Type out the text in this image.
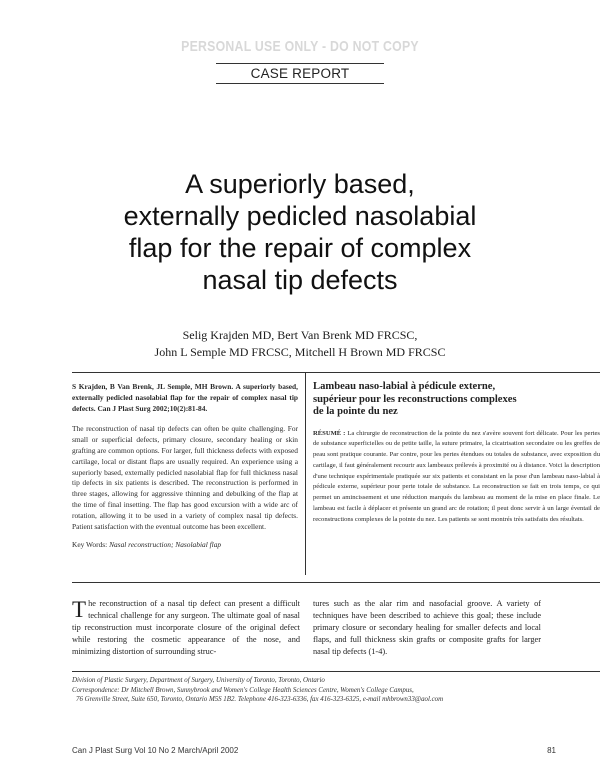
PERSONAL USE ONLY - DO NOT COPY
CASE REPORT
A superiorly based,
externally pedicled nasolabial
flap for the repair of complex
nasal tip defects
Selig Krajden MD, Bert Van Brenk MD FRCSC,
John L Semple MD FRCSC, Mitchell H Brown MD FRCSC

S Krajden, B Van Brenk, JL Semple, MH Brown. A superiorly based, externally pedicled nasolabial flap for the repair of complex nasal tip defects. Can J Plast Surg 2002;10(2):81-84.

The reconstruction of nasal tip defects can often be quite challenging. For small or superficial defects, primary closure, secondary healing or skin grafting are common options. For larger, full thickness defects with exposed cartilage, local or distant flaps are usually required. An experience using a superiorly based, externally pedicled nasolabial flap for full thickness nasal tip defects in six patients is described. The reconstruction is performed in three stages, allowing for aggressive thinning and debulking of the flap at the time of final insetting. The flap has good excursion with a wide arc of rotation, allowing it to be used in a variety of complex nasal tip defects. Patient satisfaction with the eventual outcome has been excellent.

Key Words: Nasal reconstruction; Nasolabial flap

Lambeau naso-labial à pédicule externe,
supérieur pour les reconstructions complexes
de la pointe du nez

RÉSUMÉ : La chirurgie de reconstruction de la pointe du nez s'avère souvent fort délicate. Pour les pertes de substance superficielles ou de petite taille, la suture primaire, la cicatrisation secondaire ou les greffes de peau sont pratique courante. Par contre, pour les pertes étendues ou totales de substance, avec exposition du cartilage, il faut généralement recourir aux lambeaux prélevés à proximité ou à distance. Voici la description d'une technique expérimentale pratiquée sur six patients et consistant en la pose d'un lambeau naso-labial à pédicule externe, supérieur pour perte totale de substance. La reconstruction se fait en trois temps, ce qui permet un amincissement et une réduction marqués du lambeau au moment de la mise en place finale. Le lambeau est facile à déplacer et présente un grand arc de rotation; il peut donc servir à un large éventail de reconstructions complexes de la pointe du nez. Les patients se sont montrés très satisfaits des résultats.

The reconstruction of a nasal tip defect can present a difficult technical challenge for any surgeon. The ultimate goal of nasal tip reconstruction must incorporate closure of the original defect while restoring the cosmetic appearance of the nose, and minimizing distortion of surrounding struc-

tures such as the alar rim and nasofacial groove. A variety of techniques have been described to achieve this goal; these include primary closure or secondary healing for smaller defects and local flaps, and full thickness skin grafts or composite grafts for larger nasal tip defects (1-4).

Division of Plastic Surgery, Department of Surgery, University of Toronto, Toronto, Ontario
Correspondence: Dr Mitchell Brown, Sunnybrook and Women's College Health Sciences Centre, Women's College Campus,
76 Grenville Street, Suite 650, Toronto, Ontario M5S 1B2. Telephone 416-323-6336, fax 416-323-6325, e-mail mhbrown33@aol.com
Can J Plast Surg Vol 10 No 2 March/April 2002	81
